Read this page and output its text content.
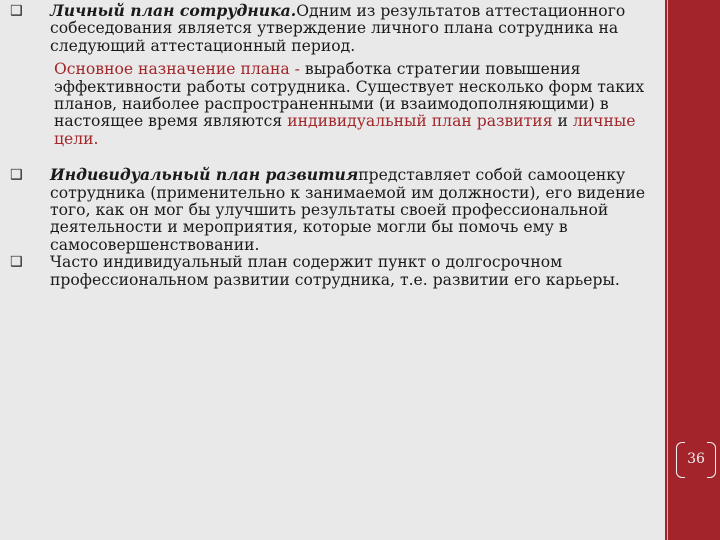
❑ Личный план сотрудника.Одним из результатов аттестационного собеседования является утверждение личного плана сотрудника на следующий аттестационный период.

Основное назначение плана - выработка стратегии повышения эффективности работы сотрудника. Существует несколько форм таких планов, наиболее распространенными (и взаимодополняющими) в настоящее время являются индивидуальный план развития и личные цели.

❑ Индивидуальный план развитияпредставляет собой самооценку сотрудника (применительно к занимаемой им должности), его видение того, как он мог бы улучшить результаты своей профессиональной деятельности и мероприятия, которые могли бы помочь ему в самосовершенствовании.

❑ Часто индивидуальный план содержит пункт о долгосрочном профессиональном развитии сотрудника, т.е. развитии его карьеры.

36
